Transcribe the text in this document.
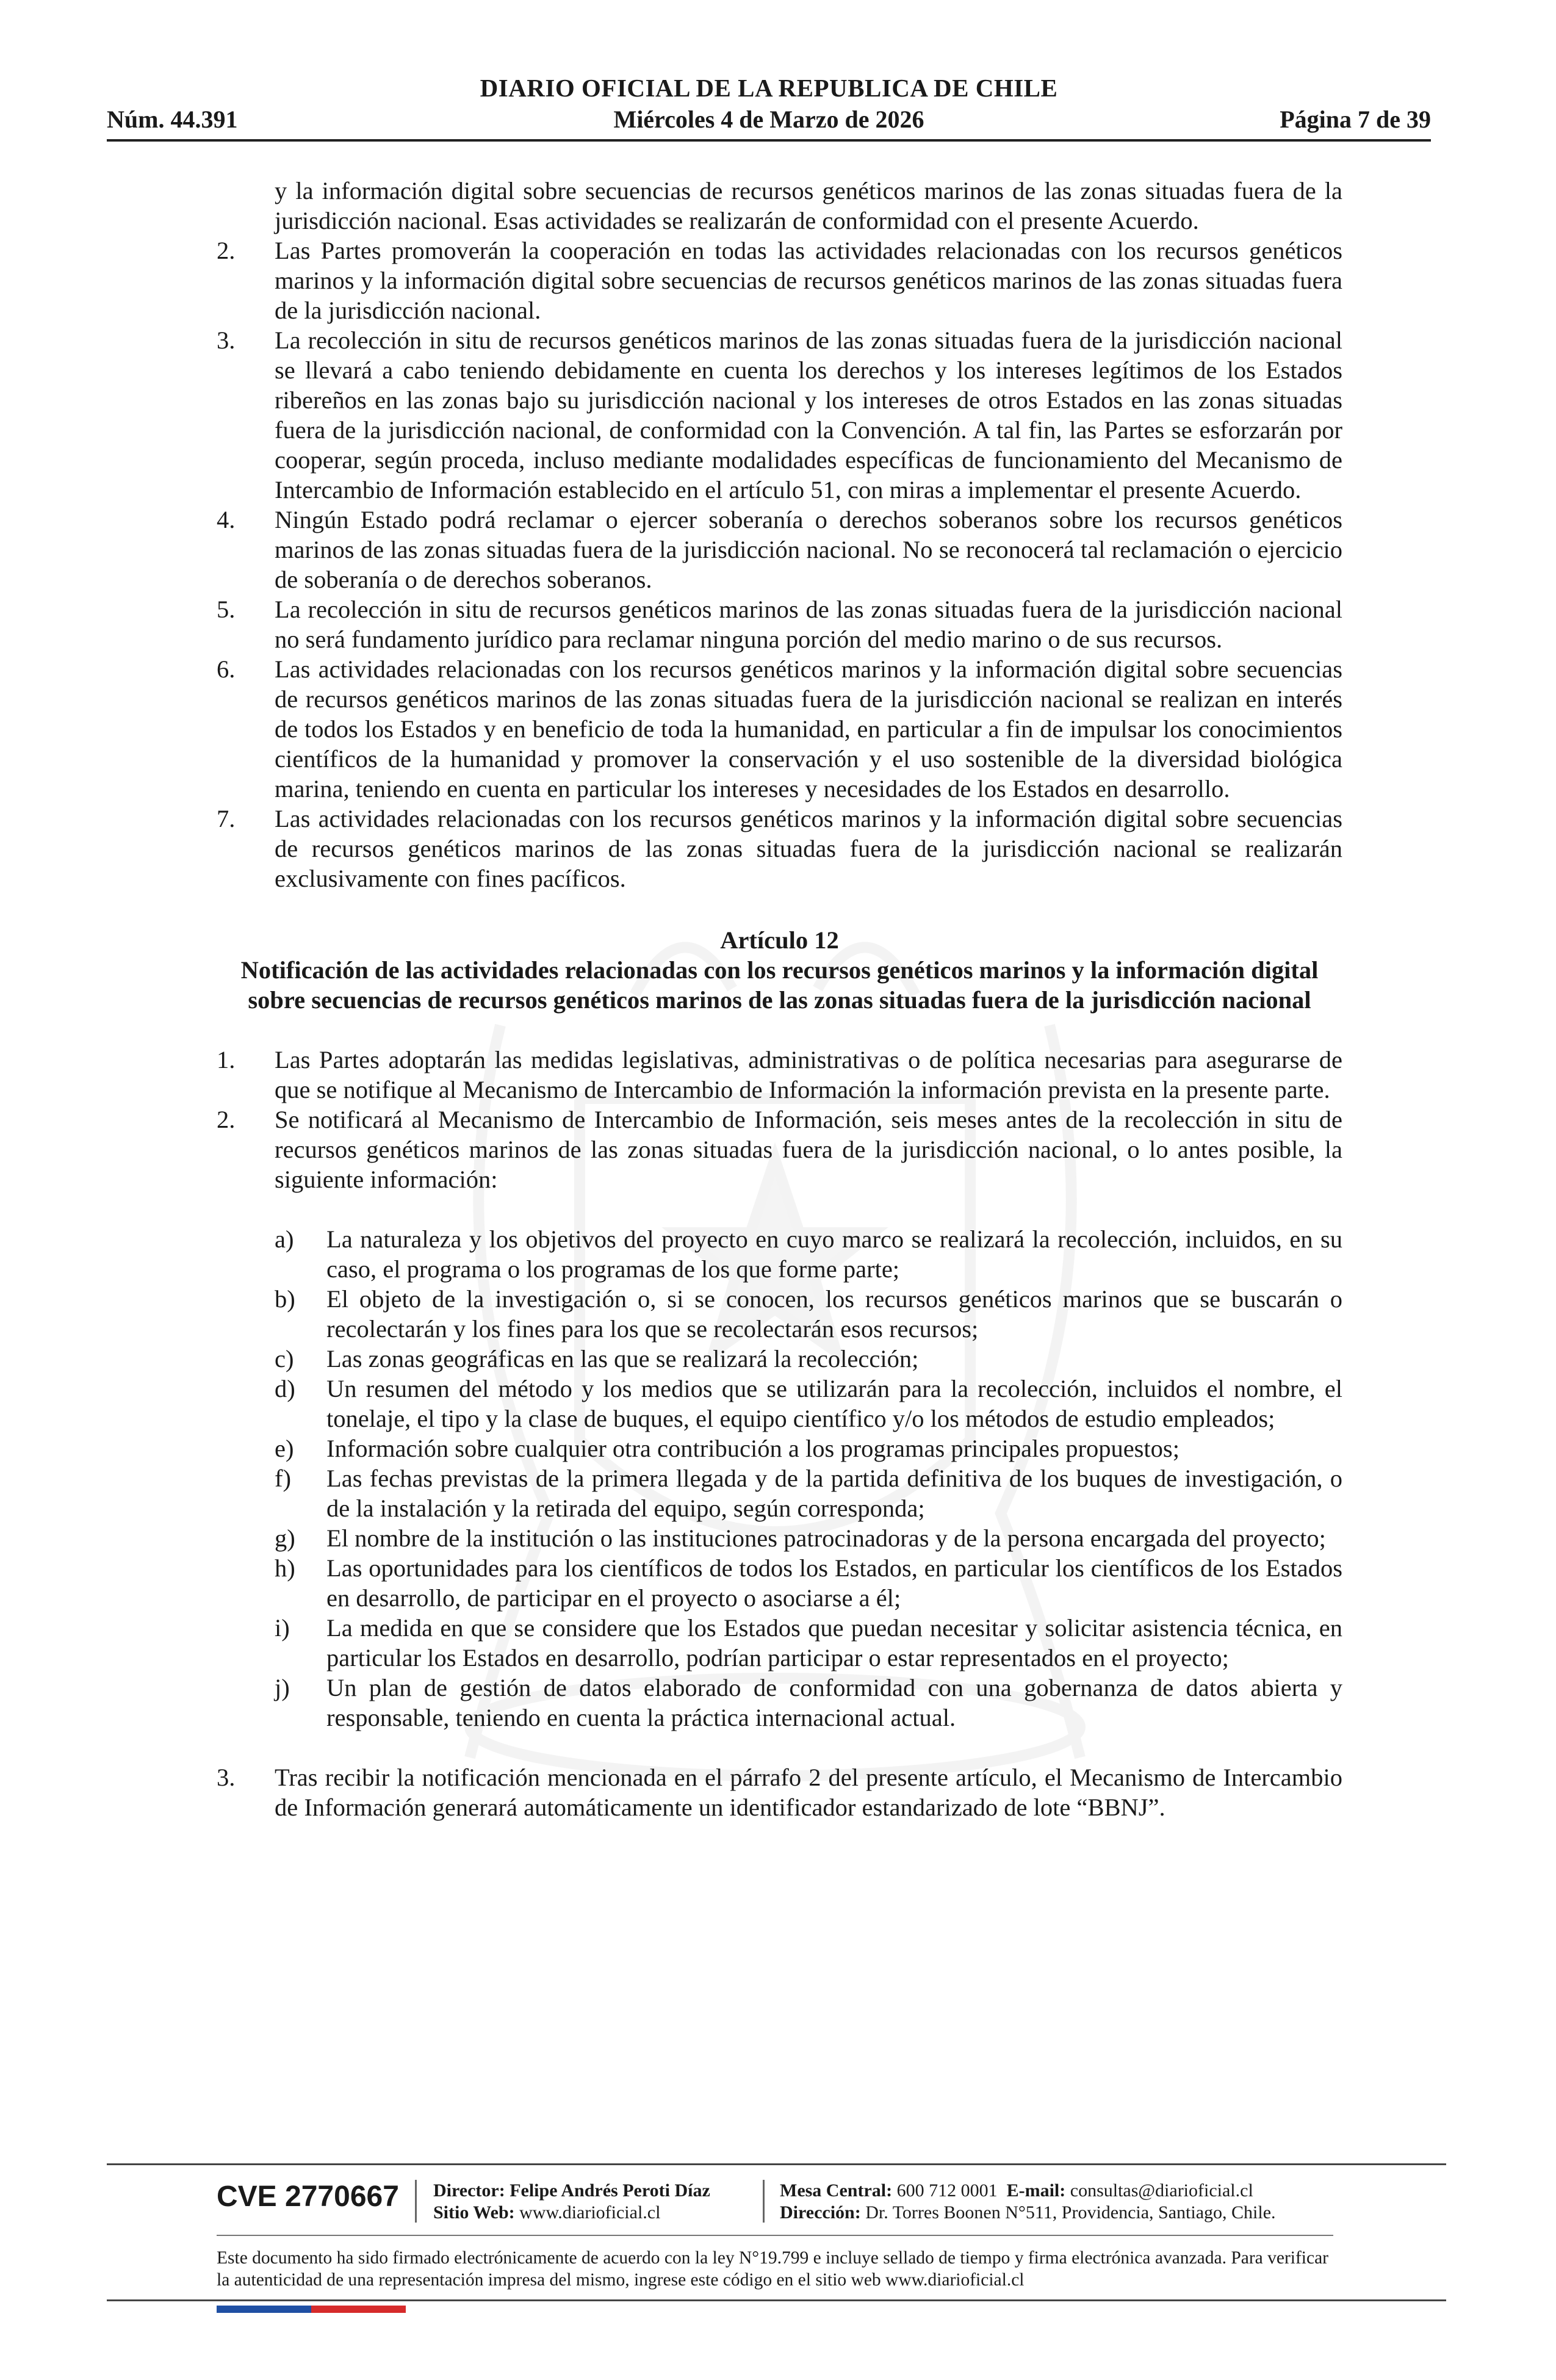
DIARIO OFICIAL DE LA REPUBLICA DE CHILE
Núm. 44.391	Miércoles 4 de Marzo de 2026	Página 7 de 39
y la información digital sobre secuencias de recursos genéticos marinos de las zonas situadas fuera de la jurisdicción nacional. Esas actividades se realizarán de conformidad con el presente Acuerdo.
2. Las Partes promoverán la cooperación en todas las actividades relacionadas con los recursos genéticos marinos y la información digital sobre secuencias de recursos genéticos marinos de las zonas situadas fuera de la jurisdicción nacional.
3. La recolección in situ de recursos genéticos marinos de las zonas situadas fuera de la jurisdicción nacional se llevará a cabo teniendo debidamente en cuenta los derechos y los intereses legítimos de los Estados ribereños en las zonas bajo su jurisdicción nacional y los intereses de otros Estados en las zonas situadas fuera de la jurisdicción nacional, de conformidad con la Convención. A tal fin, las Partes se esforzarán por cooperar, según proceda, incluso mediante modalidades específicas de funcionamiento del Mecanismo de Intercambio de Información establecido en el artículo 51, con miras a implementar el presente Acuerdo.
4. Ningún Estado podrá reclamar o ejercer soberanía o derechos soberanos sobre los recursos genéticos marinos de las zonas situadas fuera de la jurisdicción nacional. No se reconocerá tal reclamación o ejercicio de soberanía o de derechos soberanos.
5. La recolección in situ de recursos genéticos marinos de las zonas situadas fuera de la jurisdicción nacional no será fundamento jurídico para reclamar ninguna porción del medio marino o de sus recursos.
6. Las actividades relacionadas con los recursos genéticos marinos y la información digital sobre secuencias de recursos genéticos marinos de las zonas situadas fuera de la jurisdicción nacional se realizan en interés de todos los Estados y en beneficio de toda la humanidad, en particular a fin de impulsar los conocimientos científicos de la humanidad y promover la conservación y el uso sostenible de la diversidad biológica marina, teniendo en cuenta en particular los intereses y necesidades de los Estados en desarrollo.
7. Las actividades relacionadas con los recursos genéticos marinos y la información digital sobre secuencias de recursos genéticos marinos de las zonas situadas fuera de la jurisdicción nacional se realizarán exclusivamente con fines pacíficos.
Artículo 12
Notificación de las actividades relacionadas con los recursos genéticos marinos y la información digital sobre secuencias de recursos genéticos marinos de las zonas situadas fuera de la jurisdicción nacional
1. Las Partes adoptarán las medidas legislativas, administrativas o de política necesarias para asegurarse de que se notifique al Mecanismo de Intercambio de Información la información prevista en la presente parte.
2. Se notificará al Mecanismo de Intercambio de Información, seis meses antes de la recolección in situ de recursos genéticos marinos de las zonas situadas fuera de la jurisdicción nacional, o lo antes posible, la siguiente información:
a) La naturaleza y los objetivos del proyecto en cuyo marco se realizará la recolección, incluidos, en su caso, el programa o los programas de los que forme parte;
b) El objeto de la investigación o, si se conocen, los recursos genéticos marinos que se buscarán o recolectarán y los fines para los que se recolectarán esos recursos;
c) Las zonas geográficas en las que se realizará la recolección;
d) Un resumen del método y los medios que se utilizarán para la recolección, incluidos el nombre, el tonelaje, el tipo y la clase de buques, el equipo científico y/o los métodos de estudio empleados;
e) Información sobre cualquier otra contribución a los programas principales propuestos;
f) Las fechas previstas de la primera llegada y de la partida definitiva de los buques de investigación, o de la instalación y la retirada del equipo, según corresponda;
g) El nombre de la institución o las instituciones patrocinadoras y de la persona encargada del proyecto;
h) Las oportunidades para los científicos de todos los Estados, en particular los científicos de los Estados en desarrollo, de participar en el proyecto o asociarse a él;
i) La medida en que se considere que los Estados que puedan necesitar y solicitar asistencia técnica, en particular los Estados en desarrollo, podrían participar o estar representados en el proyecto;
j) Un plan de gestión de datos elaborado de conformidad con una gobernanza de datos abierta y responsable, teniendo en cuenta la práctica internacional actual.
3. Tras recibir la notificación mencionada en el párrafo 2 del presente artículo, el Mecanismo de Intercambio de Información generará automáticamente un identificador estandarizado de lote “BBNJ”.
CVE 2770667 Director: Felipe Andrés Peroti Díaz
Sitio Web: www.diarioficial.cl
Mesa Central: 600 712 0001 E-mail: consultas@diarioficial.cl
Dirección: Dr. Torres Boonen N°511, Providencia, Santiago, Chile.
Este documento ha sido firmado electrónicamente de acuerdo con la ley N°19.799 e incluye sellado de tiempo y firma electrónica avanzada. Para verificar la autenticidad de una representación impresa del mismo, ingrese este código en el sitio web www.diarioficial.cl
